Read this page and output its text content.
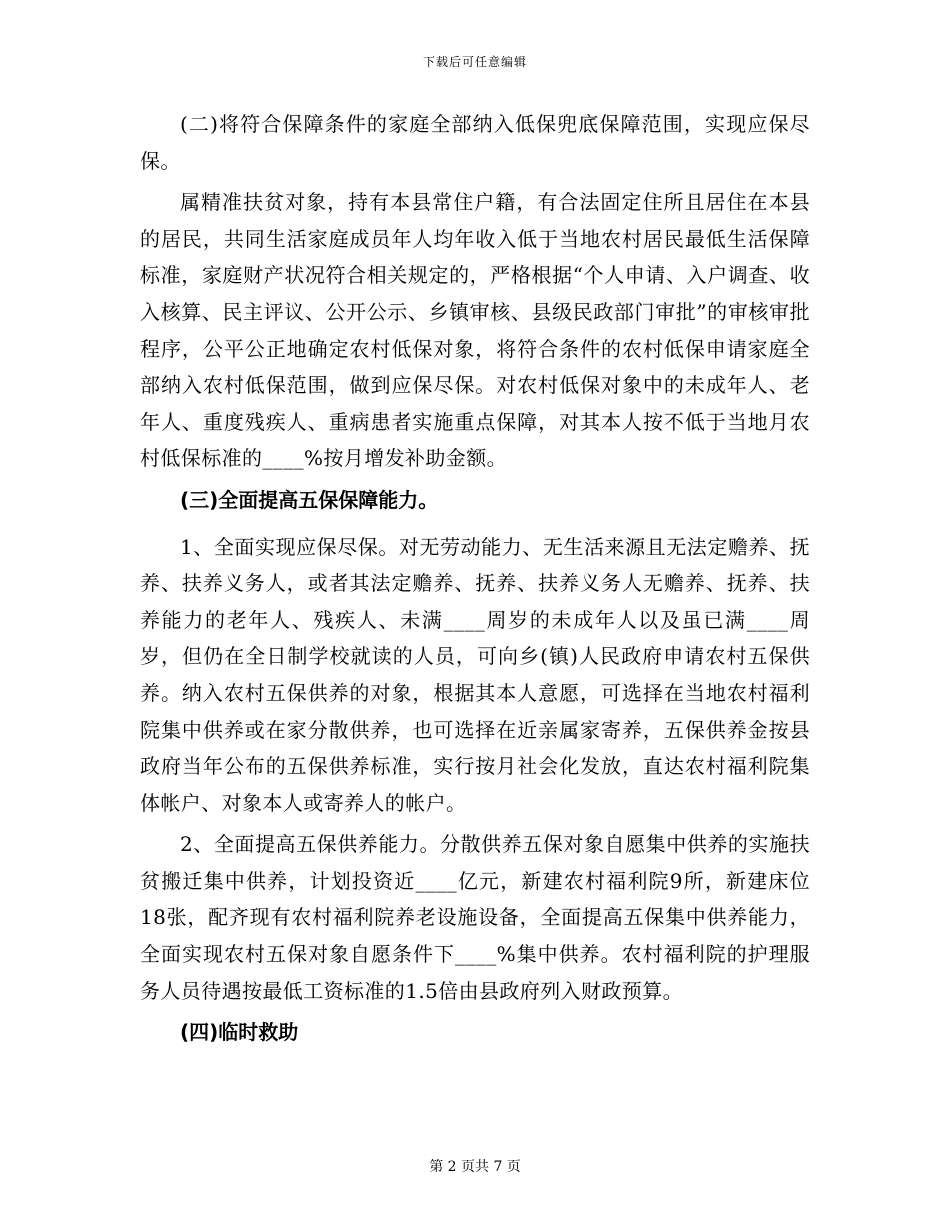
下载后可任意编辑

(二)将符合保障条件的家庭全部纳入低保兜底保障范围，实现应保尽保。

属精准扶贫对象，持有本县常住户籍，有合法固定住所且居住在本县的居民，共同生活家庭成员年人均年收入低于当地农村居民最低生活保障标准，家庭财产状况符合相关规定的，严格根据“个人申请、入户调查、收入核算、民主评议、公开公示、乡镇审核、县级民政部门审批”的审核审批程序，公平公正地确定农村低保对象，将符合条件的农村低保申请家庭全部纳入农村低保范围，做到应保尽保。对农村低保对象中的未成年人、老年人、重度残疾人、重病患者实施重点保障，对其本人按不低于当地月农村低保标准的____%按月增发补助金额。

(三)全面提高五保保障能力。

1、全面实现应保尽保。对无劳动能力、无生活来源且无法定赡养、抚养、扶养义务人，或者其法定赡养、抚养、扶养义务人无赡养、抚养、扶养能力的老年人、残疾人、未满____周岁的未成年人以及虽已满____周岁，但仍在全日制学校就读的人员，可向乡(镇)人民政府申请农村五保供养。纳入农村五保供养的对象，根据其本人意愿，可选择在当地农村福利院集中供养或在家分散供养，也可选择在近亲属家寄养，五保供养金按县政府当年公布的五保供养标准，实行按月社会化发放，直达农村福利院集体帐户、对象本人或寄养人的帐户。

2、全面提高五保供养能力。分散供养五保对象自愿集中供养的实施扶贫搬迁集中供养，计划投资近____亿元，新建农村福利院9所，新建床位18张，配齐现有农村福利院养老设施设备，全面提高五保集中供养能力，全面实现农村五保对象自愿条件下____%集中供养。农村福利院的护理服务人员待遇按最低工资标准的1.5倍由县政府列入财政预算。

(四)临时救助

第 2 页共 7 页
